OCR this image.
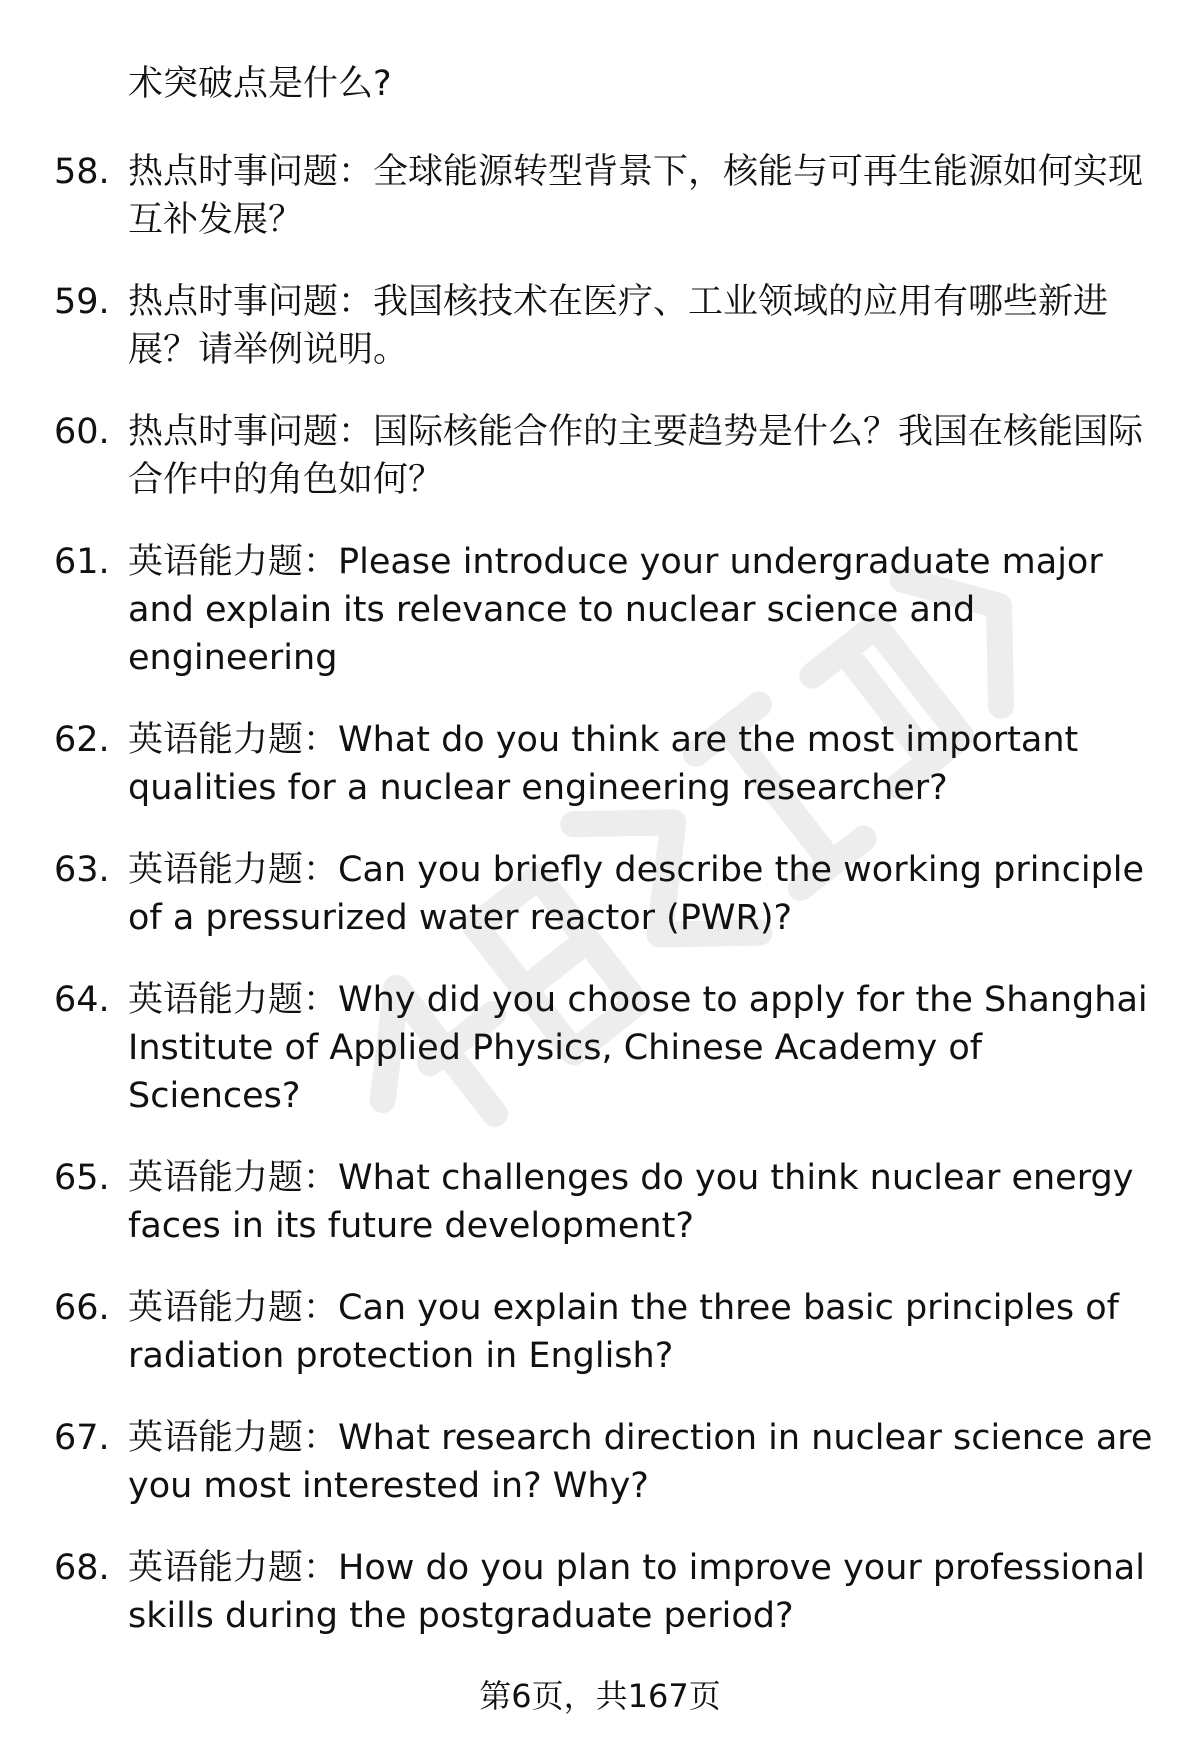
术突破点是什么?

58. 热点时事问题：全球能源转型背景下，核能与可再生能源如何实现互补发展？
59. 热点时事问题：我国核技术在医疗、工业领域的应用有哪些新进展？请举例说明。
60. 热点时事问题：国际核能合作的主要趋势是什么？我国在核能国际合作中的角色如何？
61. 英语能力题：Please introduce your undergraduate major and explain its relevance to nuclear science and engineering
62. 英语能力题：What do you think are the most important qualities for a nuclear engineering researcher?
63. 英语能力题：Can you briefly describe the working principle of a pressurized water reactor (PWR)?
64. 英语能力题：Why did you choose to apply for the Shanghai Institute of Applied Physics, Chinese Academy of Sciences?
65. 英语能力题：What challenges do you think nuclear energy faces in its future development?
66. 英语能力题：Can you explain the three basic principles of radiation protection in English?
67. 英语能力题：What research direction in nuclear science are you most interested in? Why?
68. 英语能力题：How do you plan to improve your professional skills during the postgraduate period?
第6页，共167页
